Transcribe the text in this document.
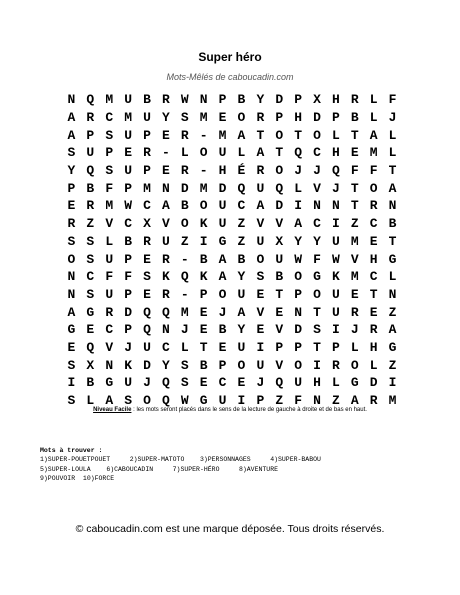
Super héro
Mots-Mêlés de caboucadin.com
N Q M U B R W N P B Y D P X H R L F
A R C M U Y S M E O R P H D P B L J
A P S U P E R - M A T O T O L T A L
S U P E R - L O U L A T Q C H E M L
Y Q S U P E R - H É R O J J Q F F T
P B F P M N D M D Q U Q L V J T O A
E R M W C A B O U C A D I N N T R N
R Z V C X V O K U Z V V A C I Z C B
S S L B R U Z I G Z U X Y Y U M E T
O S U P E R - B A B O U W F W V H G
N C F F S K Q K A Y S B O G K M C L
N S U P E R - P O U E T P O U E T N
A G R D Q Q M E J A V E N T U R E Z
G E C P Q N J E B Y E V D S I J R A
E Q V J U C L T E U I P P T P L H G
S X N K D Y S B P O U V O I R O L Z
I B G U J Q S E C E J Q U H L G D I
S L A S O Q W G U I P Z F N Z A R M
Niveau Facile : les mots seront placés dans le sens de la lecture de gauche à droite et de bas en haut.
Mots à trouver :
1)SUPER-POUETPOUET	2)SUPER-MATOTO 3)PERSONNAGES	4)SUPER-BABOU
5)SUPER-LOULA 6)CABOUCADIN	7)SUPER-HÉRO	8)AVENTURE
9)POUVOIR 10)FORCE
© caboucadin.com est une marque déposée. Tous droits réservés.
